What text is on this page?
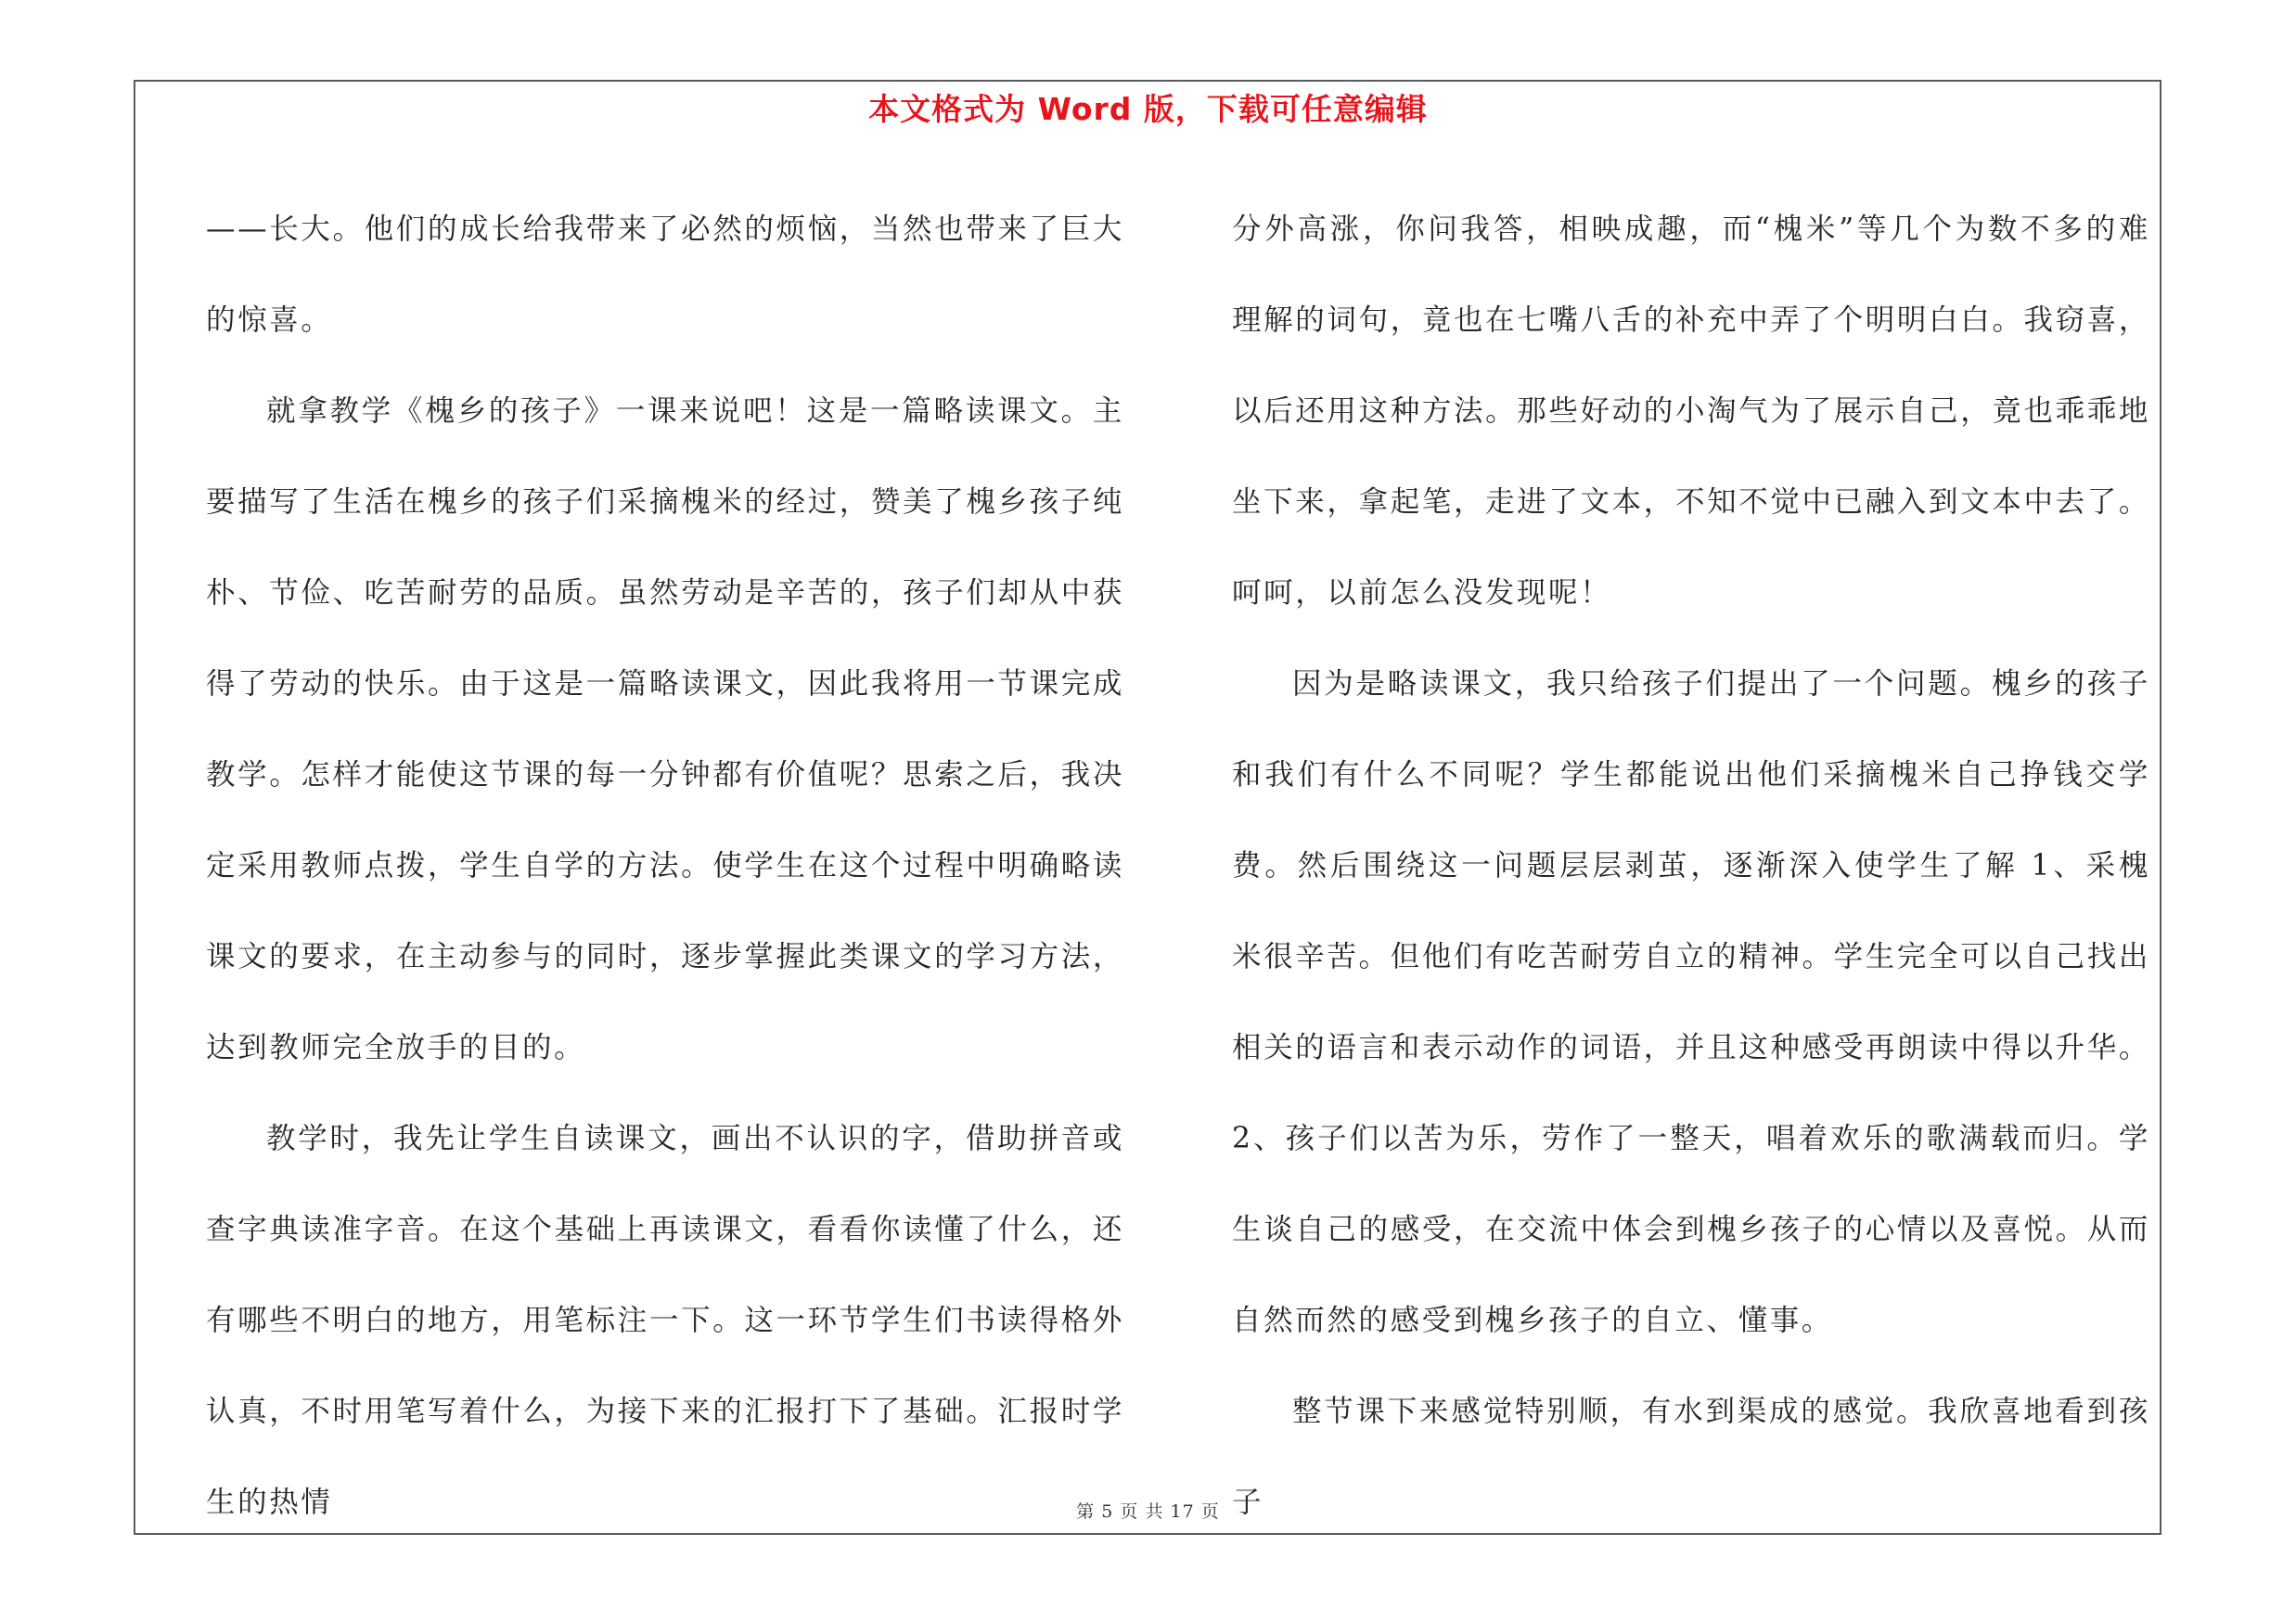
本文格式为 Word 版，下载可任意编辑

——长大。他们的成长给我带来了必然的烦恼，当然也带来了巨大的惊喜。

就拿教学《槐乡的孩子》一课来说吧！这是一篇略读课文。主要描写了生活在槐乡的孩子们采摘槐米的经过，赞美了槐乡孩子纯朴、节俭、吃苦耐劳的品质。虽然劳动是辛苦的，孩子们却从中获得了劳动的快乐。由于这是一篇略读课文，因此我将用一节课完成教学。怎样才能使这节课的每一分钟都有价值呢？思索之后，我决定采用教师点拨，学生自学的方法。使学生在这个过程中明确略读课文的要求，在主动参与的同时，逐步掌握此类课文的学习方法，达到教师完全放手的目的。

教学时，我先让学生自读课文，画出不认识的字，借助拼音或查字典读准字音。在这个基础上再读课文，看看你读懂了什么，还有哪些不明白的地方，用笔标注一下。这一环节学生们书读得格外认真，不时用笔写着什么，为接下来的汇报打下了基础。汇报时学生的热情

分外高涨，你问我答，相映成趣，而“槐米”等几个为数不多的难理解的词句，竟也在七嘴八舌的补充中弄了个明明白白。我窃喜，以后还用这种方法。那些好动的小淘气为了展示自己，竟也乖乖地坐下来，拿起笔，走进了文本，不知不觉中已融入到文本中去了。呵呵，以前怎么没发现呢！

因为是略读课文，我只给孩子们提出了一个问题。槐乡的孩子和我们有什么不同呢？学生都能说出他们采摘槐米自己挣钱交学费。然后围绕这一问题层层剥茧，逐渐深入使学生了解 1、采槐米很辛苦。但他们有吃苦耐劳自立的精神。学生完全可以自己找出相关的语言和表示动作的词语，并且这种感受再朗读中得以升华。2、孩子们以苦为乐，劳作了一整天，唱着欢乐的歌满载而归。学生谈自己的感受，在交流中体会到槐乡孩子的心情以及喜悦。从而自然而然的感受到槐乡孩子的自立、懂事。

整节课下来感觉特别顺，有水到渠成的感觉。我欣喜地看到孩子

第 5 页 共 17 页
